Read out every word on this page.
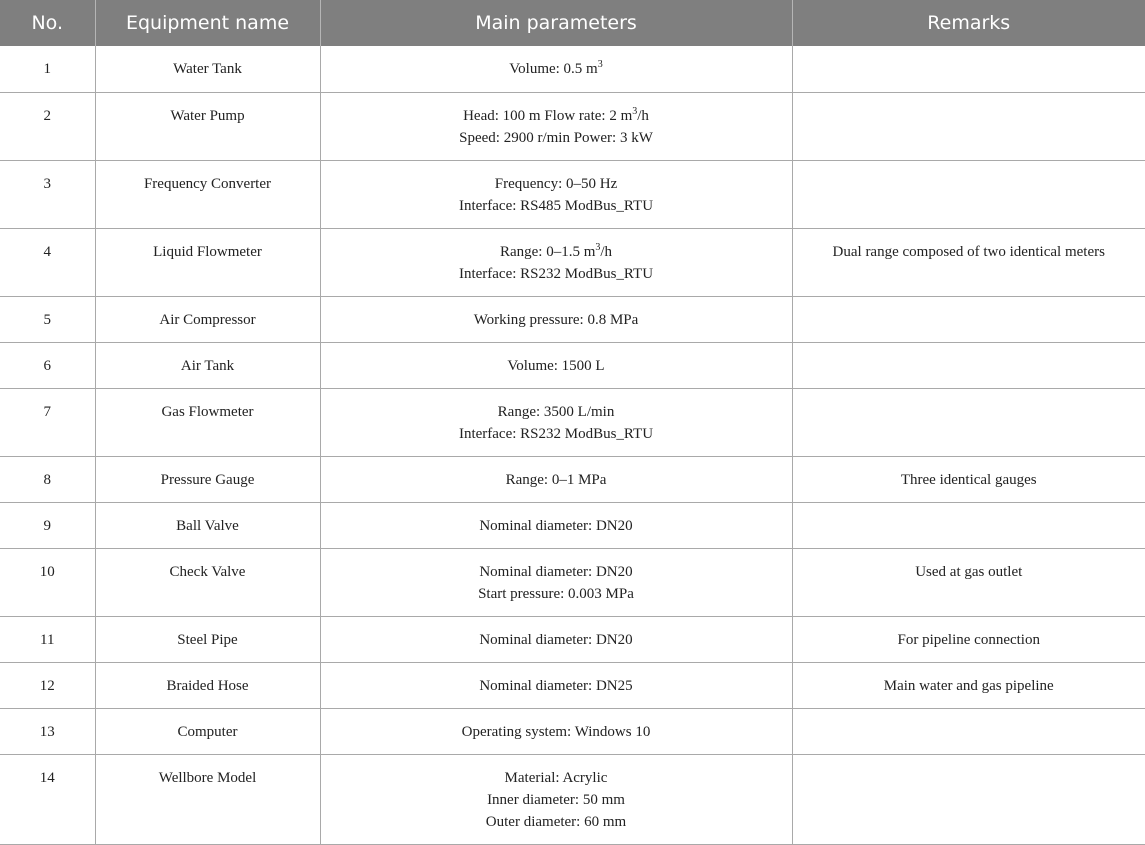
No.	Equipment name	Main parameters	Remarks
1	Water Tank	Volume: 0.5 $m^3$

2	Water Pump	Head: 100 m Flow rate: 2 $m^3/h$
Speed: 2900 r/min Power: 3 kW	

3	Frequency Converter	Frequency: 0–50 Hz
Interface: RS485 ModBus_RTU	

4	Liquid Flowmeter	Range: 0–1.5 $m^3/h$
Interface: RS232 ModBus_RTU	Dual range composed of two identical meters
5	Air Compressor	Working pressure: 0.8 MPa	
6	Air Tank	Volume: 1500 L	
7	Gas Flowmeter	Range: 3500 L/min
Interface: RS232 ModBus_RTU	

8	Pressure Gauge	Range: 0–1 MPa	Three identical gauges
9	Ball Valve	Nominal diameter: DN20	
10	Check Valve	Nominal diameter: DN20
Start pressure: 0.003 MPa	Used at gas outlet
11	Steel Pipe	Nominal diameter: DN20	For pipeline connection
12	Braided Hose	Nominal diameter: DN25	Main water and gas pipeline
13	Computer	Operating system: Windows 10	
14	Wellbore Model	Material: Acrylic
Inner diameter: 50 mm
Outer diameter: 60 mm	
